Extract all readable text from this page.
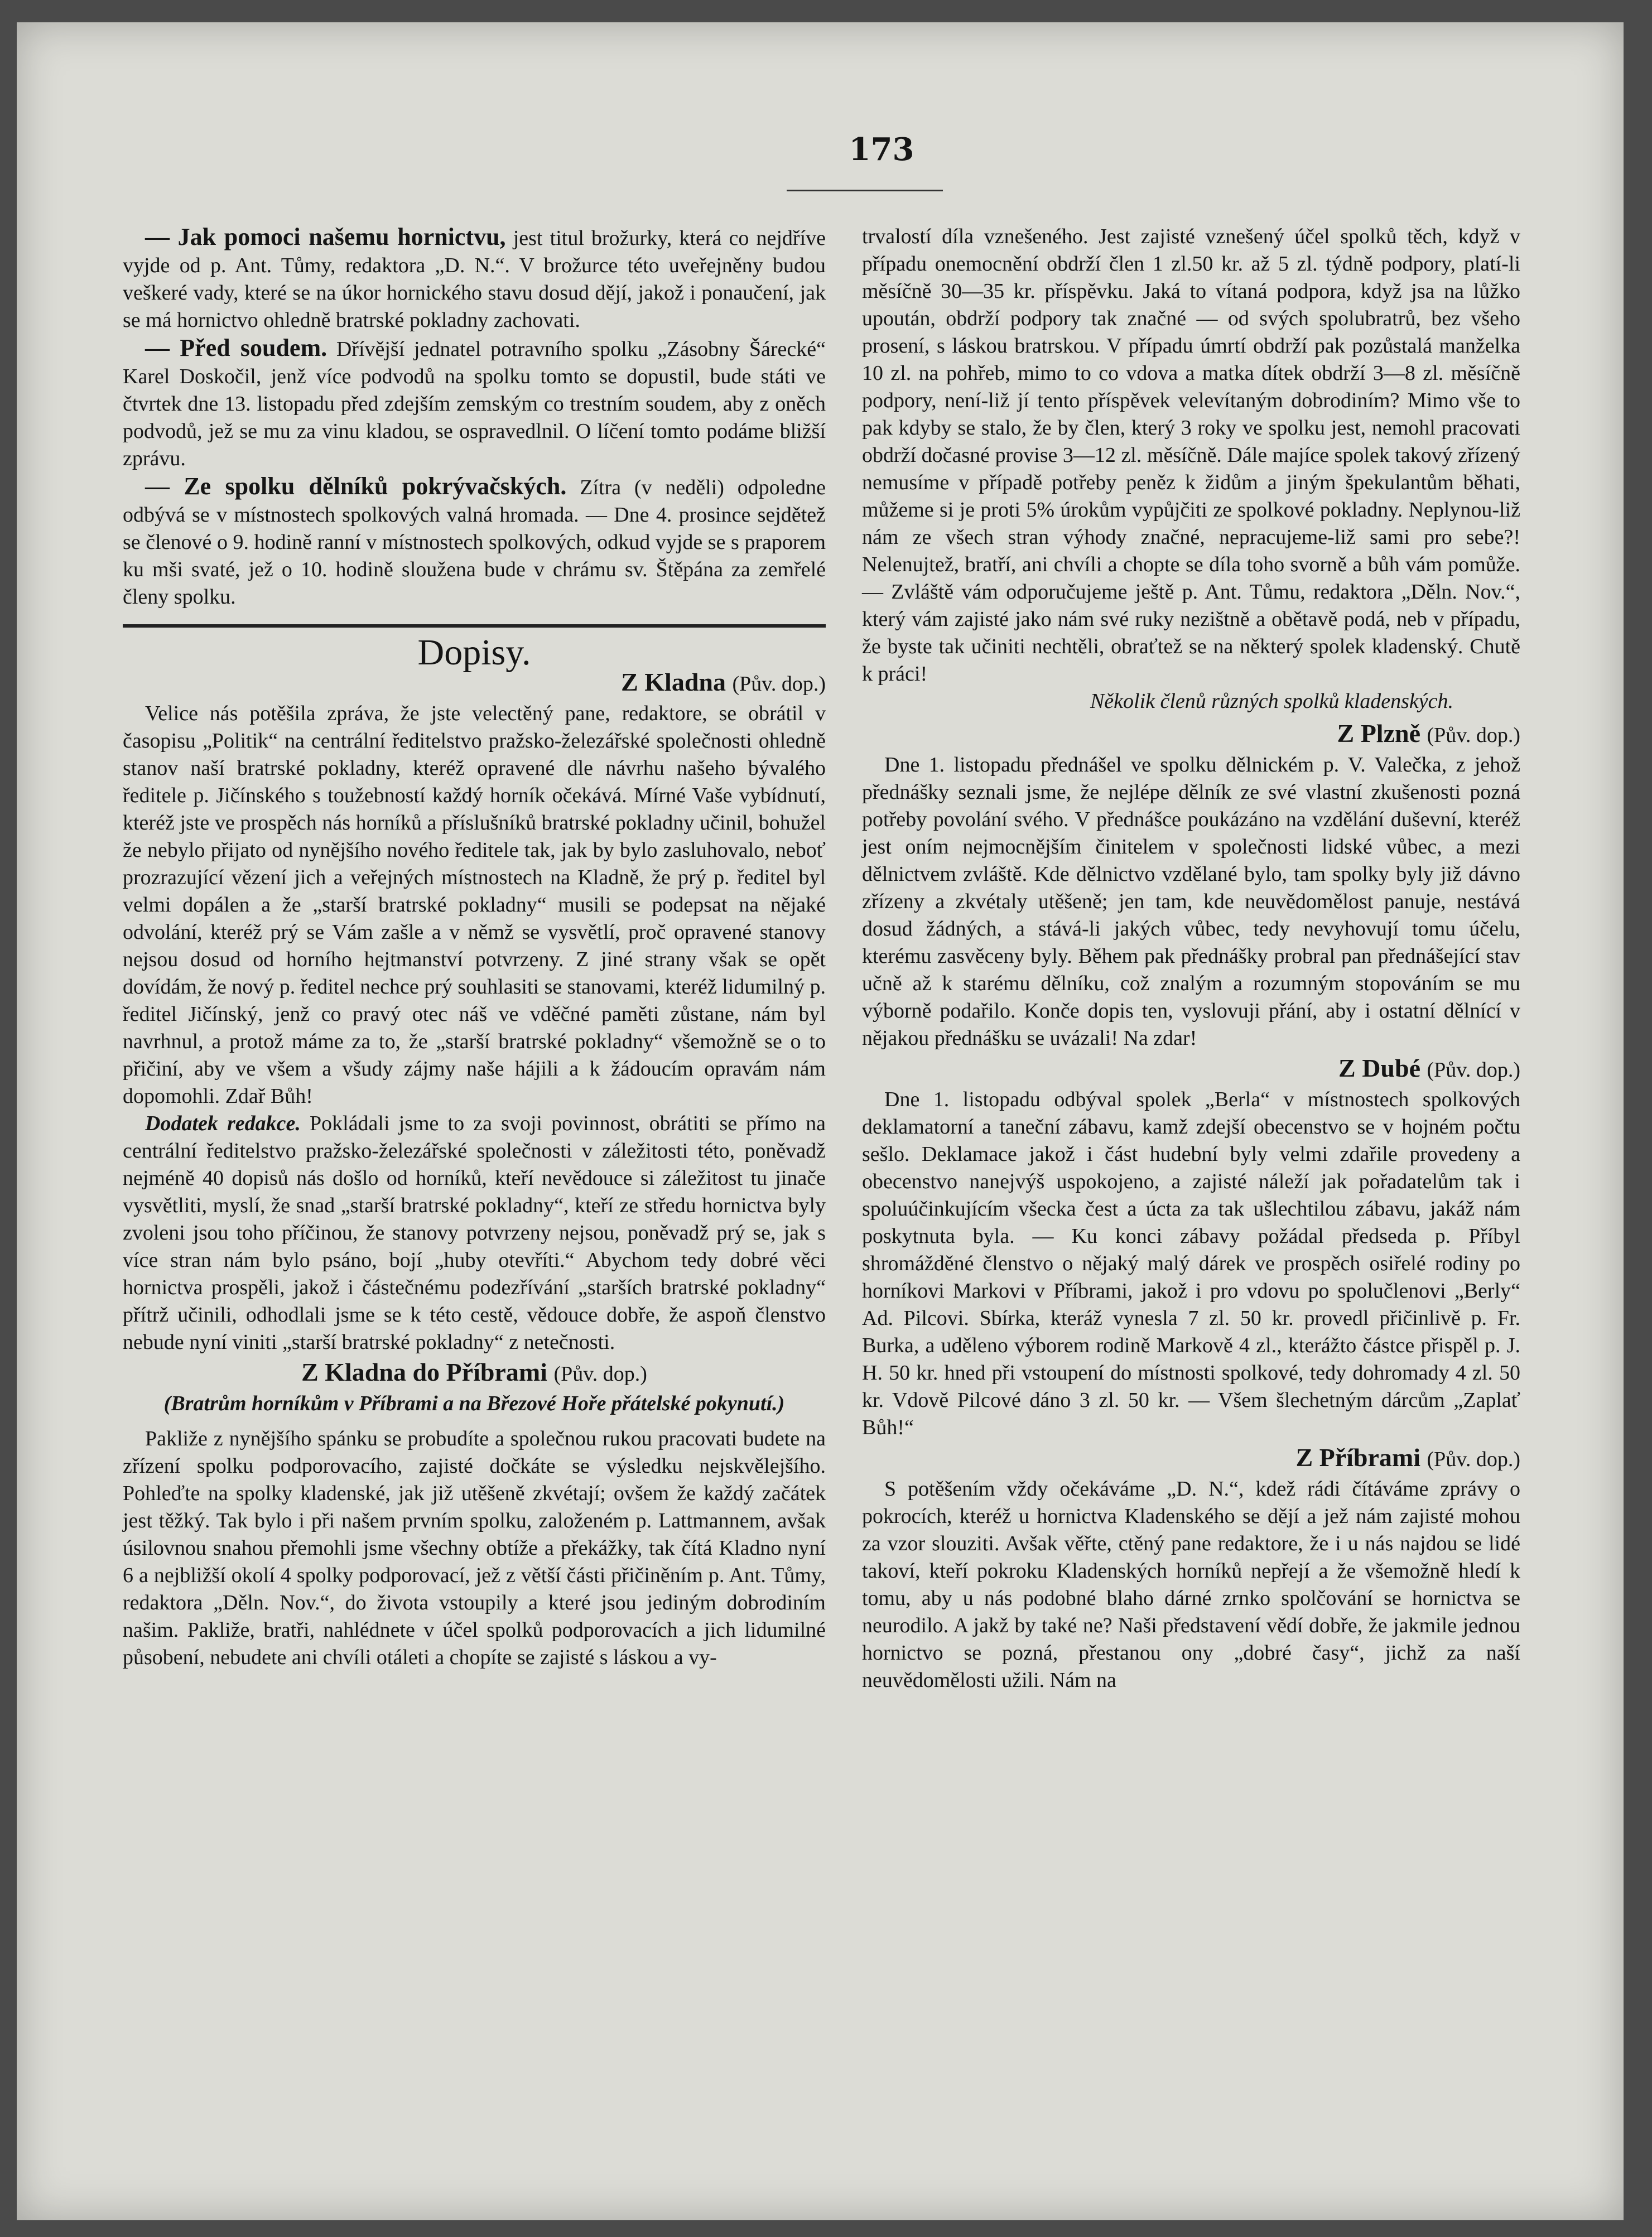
173

— Jak pomoci našemu hornictvu, jest titul brožurky, která co nejdříve vyjde od p. Ant. Tůmy, redaktora „D. N.“. V brožurce této uveřejněny budou veškeré vady, které se na úkor hornického stavu dosud dějí, jakož i ponaučení, jak se má hornictvo ohledně bratrské pokladny zachovati.

— Před soudem. Dřívější jednatel potravního spolku „Zásobny Šárecké“ Karel Doskočil, jenž více podvodů na spolku tomto se dopustil, bude státi ve čtvrtek dne 13. listopadu před zdejším zemským co trestním soudem, aby z oněch podvodů, jež se mu za vinu kladou, se ospravedlnil. O líčení tomto podáme bližší zprávu.

— Ze spolku dělníků pokrývačských. Zítra (v neděli) odpoledne odbývá se v místnostech spolkových valná hromada. — Dne 4. prosince sejdětež se členové o 9. hodině ranní v místnostech spolkových, odkud vyjde se s praporem ku mši svaté, jež o 10. hodině sloužena bude v chrámu sv. Štěpána za zemřelé členy spolku.

Dopisy.
Z Kladna (Pův. dop.)

Velice nás potěšila zpráva, že jste velectěný pane, redaktore, se obrátil v časopisu „Politik“ na centrální ředitelstvo pražsko-železářské společnosti ohledně stanov naší bratrské pokladny, kteréž opravené dle návrhu našeho bývalého ředitele p. Jičínského s toužebností každý horník očekává. Mírné Vaše vybídnutí, kteréž jste ve prospěch nás horníků a příslušníků bratrské pokladny učinil, bohužel že nebylo přijato od nynějšího nového ředitele tak, jak by bylo zasluhovalo, neboť prozrazující vězení jich a veřejných místnostech na Kladně, že prý p. ředitel byl velmi dopálen a že „starší bratrské pokladny“ musili se podepsat na nějaké odvolání, kteréž prý se Vám zašle a v němž se vysvětlí, proč opravené stanovy nejsou dosud od horního hejtmanství potvrzeny. Z jiné strany však se opět dovídám, že nový p. ředitel nechce prý souhlasiti se stanovami, kteréž lidumilný p. ředitel Jičínský, jenž co pravý otec náš ve vděčné paměti zůstane, nám byl navrhnul, a protož máme za to, že „starší bratrské pokladny“ všemožně se o to přičiní, aby ve všem a všudy zájmy naše hájili a k žádoucím opravám nám dopomohli. Zdař Bůh!

Dodatek redakce. Pokládali jsme to za svoji povinnost, obrátiti se přímo na centrální ředitelstvo pražsko-železářské společnosti v záležitosti této, poněvadž nejméně 40 dopisů nás došlo od horníků, kteří nevědouce si záležitost tu jinače vysvětliti, myslí, že snad „starší bratrské pokladny“, kteří ze středu hornictva byly zvoleni jsou toho příčinou, že stanovy potvrzeny nejsou, poněvadž prý se, jak s více stran nám bylo psáno, bojí „huby otevříti.“ Abychom tedy dobré věci hornictva prospěli, jakož i částečnému podezřívání „starších bratrské pokladny“ přítrž učinili, odhodlali jsme se k této cestě, vědouce dobře, že aspoň členstvo nebude nyní viniti „starší bratrské pokladny“ z netečnosti.

Z Kladna do Příbrami (Pův. dop.)
(Bratrům horníkům v Příbrami a na Březové Hoře přátelské pokynutí.)

Pakliže z nynějšího spánku se probudíte a společnou rukou pracovati budete na zřízení spolku podporovacího, zajisté dočkáte se výsledku nejskvělejšího. Pohleďte na spolky kladenské, jak již utěšeně zkvétají; ovšem že každý začátek jest těžký. Tak bylo i při našem prvním spolku, založeném p. Lattmannem, avšak úsilovnou snahou přemohli jsme všechny obtíže a překážky, tak čítá Kladno nyní 6 a nejbližší okolí 4 spolky podporovací, jež z větší části přičiněním p. Ant. Tůmy, redaktora „Děln. Nov.“, do života vstoupily a které jsou jediným dobrodiním našim. Pakliže, bratři, nahlédnete v účel spolků podporovacích a jich lidumilné působení, nebudete ani chvíli otáleti a chopíte se zajisté s láskou a vy-

trvalostí díla vznešeného. Jest zajisté vznešený účel spolků těch, když v případu onemocnění obdrží člen 1 zl.50 kr. až 5 zl. týdně podpory, platí-li měsíčně 30—35 kr. příspěvku. Jaká to vítaná podpora, když jsa na lůžko upoután, obdrží podpory tak značné — od svých spolubratrů, bez všeho prosení, s láskou bratrskou. V případu úmrtí obdrží pak pozůstalá manželka 10 zl. na pohřeb, mimo to co vdova a matka dítek obdrží 3—8 zl. měsíčně podpory, není-liž jí tento příspěvek velevítaným dobrodiním? Mimo vše to pak kdyby se stalo, že by člen, který 3 roky ve spolku jest, nemohl pracovati obdrží dočasné provise 3—12 zl. měsíčně. Dále majíce spolek takový zřízený nemusíme v případě potřeby peněz k židům a jiným špekulantům běhati, můžeme si je proti 5% úrokům vypůjčiti ze spolkové pokladny. Neplynou-liž nám ze všech stran výhody značné, nepracujeme-liž sami pro sebe?! Nelenujtež, bratří, ani chvíli a chopte se díla toho svorně a bůh vám pomůže. — Zvláště vám odporučujeme ještě p. Ant. Tůmu, redaktora „Děln. Nov.“, který vám zajisté jako nám své ruky nezištně a obětavě podá, neb v případu, že byste tak učiniti nechtěli, obraťtež se na některý spolek kladenský. Chutě k práci!

Několik členů různých spolků kladenských.
Z Plzně (Pův. dop.)

Dne 1. listopadu přednášel ve spolku dělnickém p. V. Valečka, z jehož přednášky seznali jsme, že nejlépe dělník ze své vlastní zkušenosti pozná potřeby povolání svého. V přednášce poukázáno na vzdělání duševní, kteréž jest oním nejmocnějším činitelem v společnosti lidské vůbec, a mezi dělnictvem zvláště. Kde dělnictvo vzdělané bylo, tam spolky byly již dávno zřízeny a zkvétaly utěšeně; jen tam, kde neuvědomělost panuje, nestává dosud žádných, a stává-li jakých vůbec, tedy nevyhovují tomu účelu, kterému zasvěceny byly. Během pak přednášky probral pan přednášející stav učně až k starému dělníku, což znalým a rozumným stopováním se mu výborně podařilo. Konče dopis ten, vyslovuji přání, aby i ostatní dělnící v nějakou přednášku se uvázali! Na zdar!

Z Dubé (Pův. dop.)

Dne 1. listopadu odbýval spolek „Berla“ v místnostech spolkových deklamatorní a taneční zábavu, kamž zdejší obecenstvo se v hojném počtu sešlo. Deklamace jakož i část hudební byly velmi zdařile provedeny a obecenstvo nanejvýš uspokojeno, a zajisté náleží jak pořadatelům tak i spoluúčinkujícím všecka čest a úcta za tak ušlechtilou zábavu, jakáž nám poskytnuta byla. — Ku konci zábavy požádal předseda p. Příbyl shromážděné členstvo o nějaký malý dárek ve prospěch osiřelé rodiny po horníkovi Markovi v Příbrami, jakož i pro vdovu po spolučlenovi „Berly“ Ad. Pilcovi. Sbírka, kteráž vynesla 7 zl. 50 kr. provedl přičinlivě p. Fr. Burka, a uděleno výborem rodině Markově 4 zl., kterážto částce přispěl p. J. H. 50 kr. hned při vstoupení do místnosti spolkové, tedy dohromady 4 zl. 50 kr. Vdově Pilcové dáno 3 zl. 50 kr. — Všem šlechetným dárcům „Zaplať Bůh!“

Z Příbrami (Pův. dop.)

S potěšením vždy očekáváme „D. N.“, kdež rádi čítáváme zprávy o pokrocích, kteréž u hornictva Kladenského se dějí a jež nám zajisté mohou za vzor slouziti. Avšak věřte, ctěný pane redaktore, že i u nás najdou se lidé takoví, kteří pokroku Kladenských horníků nepřejí a že všemožně hledí k tomu, aby u nás podobné blaho dárné zrnko spolčování se hornictva se neurodilo. A jakž by také ne? Naši představení vědí dobře, že jakmile jednou hornictvo se pozná, přestanou ony „dobré časy“, jichž za naší neuvědomělosti užili. Nám na
